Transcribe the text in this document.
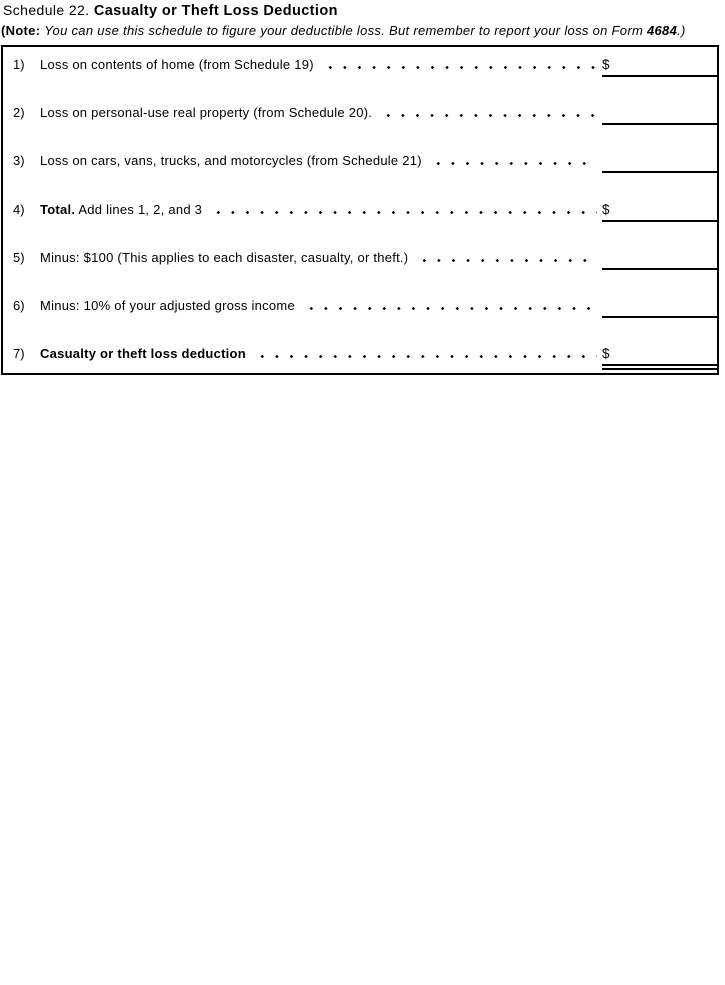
Schedule 22. Casualty or Theft Loss Deduction
(Note: You can use this schedule to figure your deductible loss. But remember to report your loss on Form 4684.)
1)	Loss on contents of home (from Schedule 19)	$ ​
2)	Loss on personal-use real property (from Schedule 20).
​
3)	Loss on cars, vans, trucks, and motorcycles (from Schedule 21)
​
4)	Total. Add lines 1, 2, and 3	$ ​
5)	Minus: $100 (This applies to each disaster, casualty, or theft.)
​
6)	Minus: 10% of your adjusted gross income
​
7)	Casualty or theft loss deduction	$ ​
